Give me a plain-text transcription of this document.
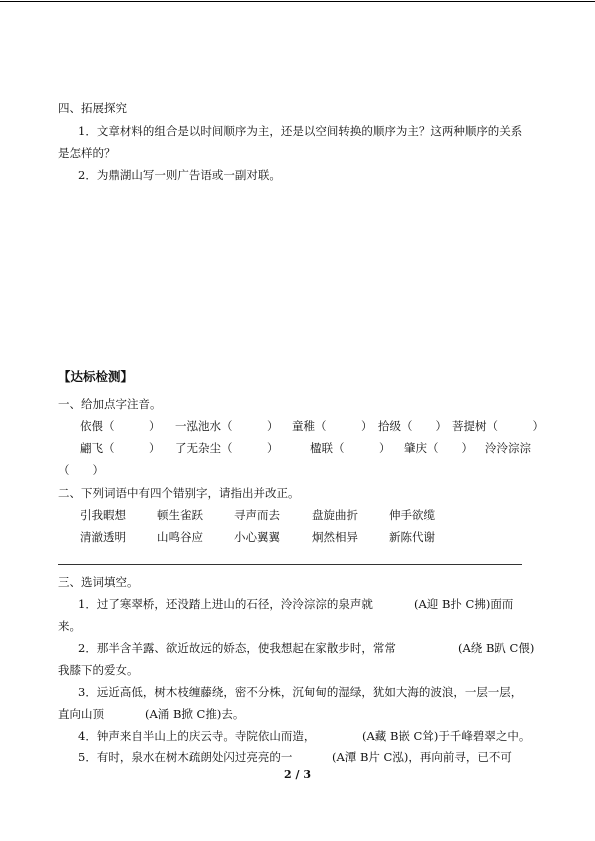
四、拓展探究
1．文章材料的组合是以时间顺序为主，还是以空间转换的顺序为主？这两种顺序的关系
是怎样的？
2．为鼎湖山写一则广告语或一副对联。
【达标检测】
一、给加点字注音。
依偎（　　　） 一泓池水（　　　） 童稚（　　　） 拾级（　　） 菩提树（　　　）
翩飞（　　　） 了无杂尘（　　　）	楹联（　　　） 肇庆（　　） 泠泠淙淙
（　　）
二、下列词语中有四个错别字，请指出并改正。
引我暇想	顿生雀跃	寻声而去	盘旋曲折	伸手欲缆
清澈透明	山鸣谷应	小心翼翼	炯然相异	新陈代谢
三、选词填空。
1．过了寒翠桥，还没踏上进山的石径，泠泠淙淙的泉声就	(A迎 B扑 C拂)面而
来。
2．那半含羊露、欲近故远的娇态，使我想起在家散步时，常常	(A绕 B趴 C偎)
我膝下的爱女。
3．远近高低，树木枝缠藤绕，密不分株，沉甸甸的湿绿，犹如大海的波浪，一层一层，
直向山顶	(A涌 B掀 C推)去。
4．钟声来自半山上的庆云寺。寺院依山而造，	(A藏 B嵌 C耸)于千峰碧翠之中。
5．有时，泉水在树木疏朗处闪过亮亮的一	(A潭 B片 C泓)，再向前寻，已不可
2 / 3
